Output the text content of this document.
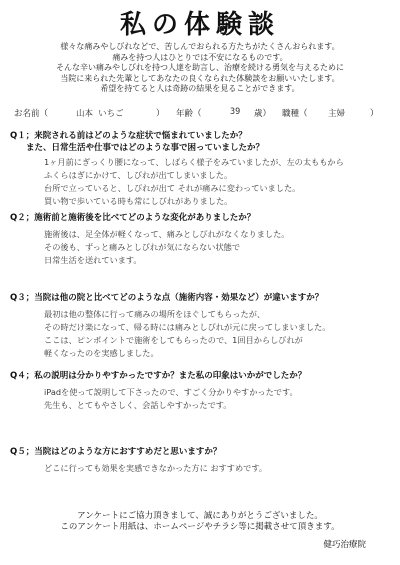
私の体験談
様々な痛みやしびれなどで、苦しんでおられる方たちがたくさんおられます。
痛みを持つ人はひとりでは不安になるものです。
そんな辛い痛みやしびれを持つ人達を助言し、治療を続ける勇気を与えるために
当院に来られた先輩としてあなたの良くなられた体験談をお願いいたします。
希望を持てると人は奇跡の結果を見ることができます。
お名前（	山本 いちご	） 年齢（	39 歳） 職種（ 主婦	）
Q１；来院される前はどのような症状で悩まれていましたか？
また、日常生活や仕事ではどのような事で困っていましたか？
1ヶ月前にぎっくり腰になって、しばらく様子をみていましたが、左の太ももから
ふくらはぎにかけて、しびれが出てしまいました。
台所で立っていると、しびれが出て それが痛みに変わっていました。
買い物で歩いている時も常にしびれがありました。
Q２；施術前と施術後を比べてどのような変化がありましたか？
施術後は、足全体が軽くなって、痛みとしびれがなくなりました。
その後も、ずっと痛みとしびれが気にならない状態で
日常生活を送れています。
Q３；当院は他の院と比べてどのような点（施術内容・効果など）が違いますか？
最初は他の整体に行って痛みの場所をほぐしてもらったが、
その時だけ楽になって、帰る時には痛みとしびれが元に戻ってしまいました。
ここは、ピンポイントで施術をしてもらったので、1回目からしびれが
軽くなったのを実感しました。
Q４；私の説明は分かりやすかったですか？また私の印象はいかがでしたか？
iPadを使って説明して下さったので、すごく分かりやすかったです。
先生も、とてもやさしく、会話しやすかったです。
Q５；当院はどのような方におすすめだと思いますか？
どこに行っても効果を実感できなかった方に おすすめです。
アンケートにご協力頂きまして、誠にありがとうございました。
このアンケート用紙は、ホームページやチラシ等に掲載させて頂きます。
健巧治療院
